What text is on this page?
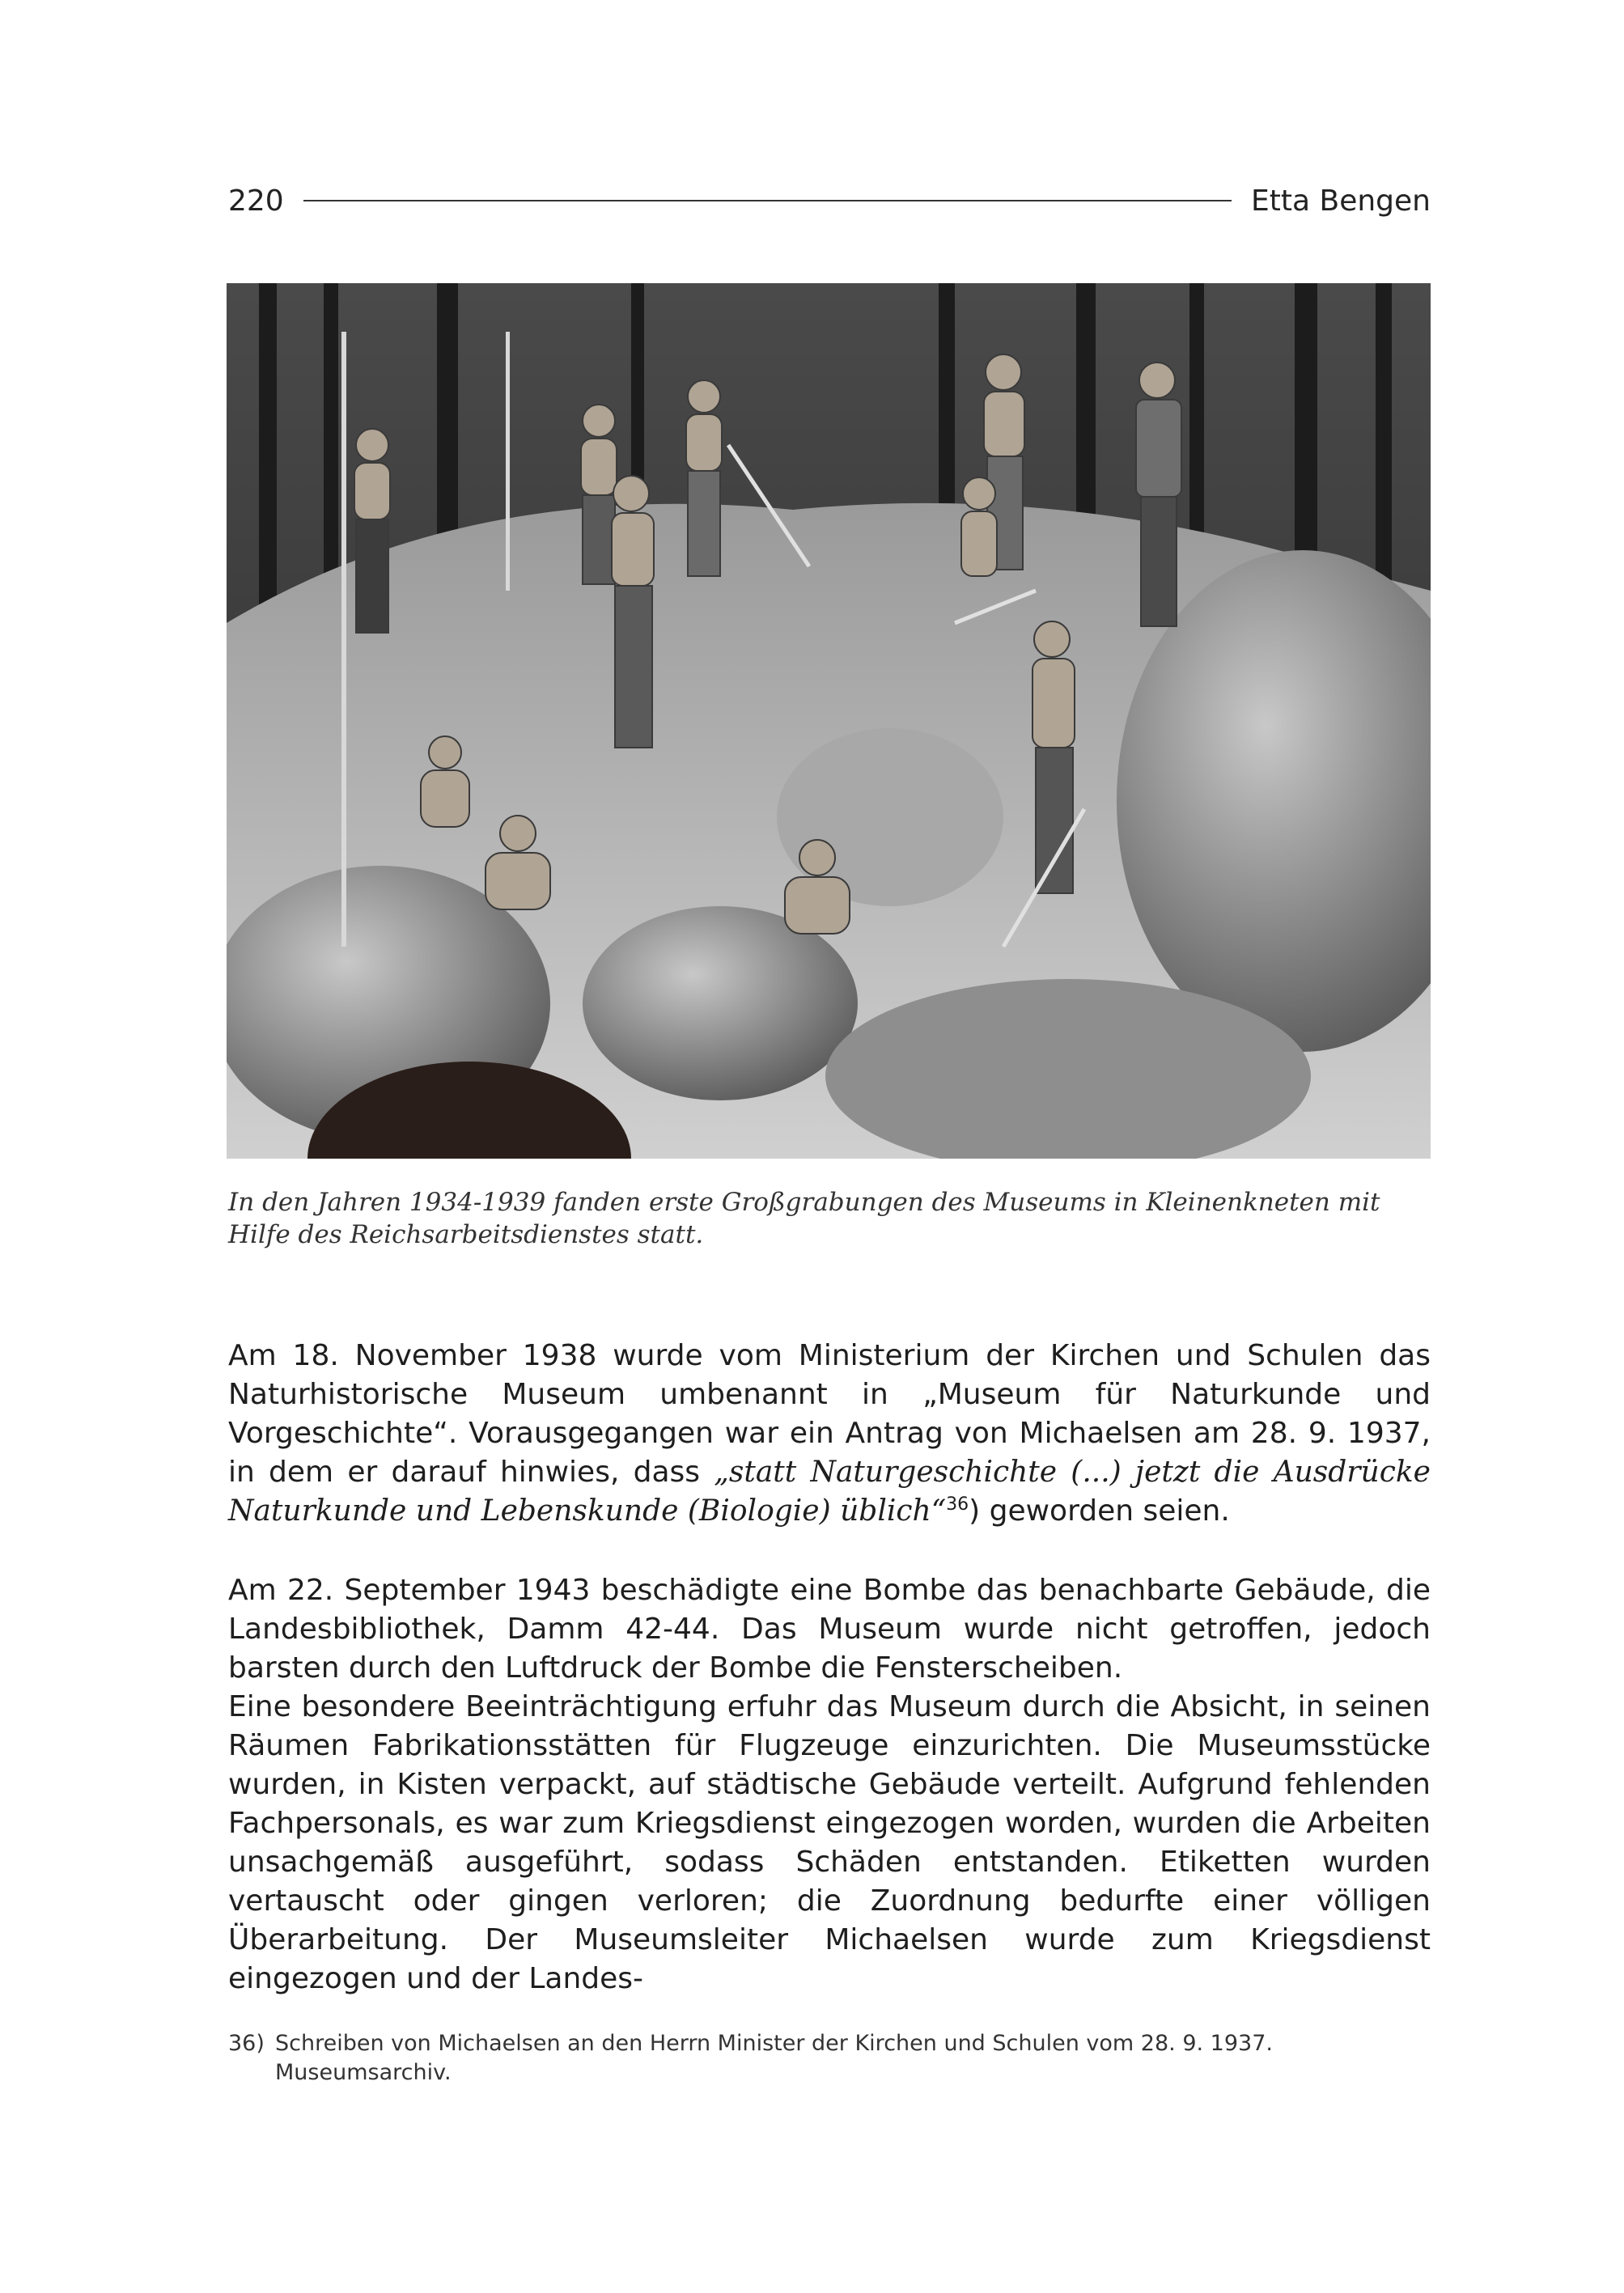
220	Etta Bengen
In den Jahren 1934-1939 fanden erste Großgrabungen des Museums in Kleinenkneten mit Hilfe des Reichsarbeitsdienstes statt.

Am 18. November 1938 wurde vom Ministerium der Kirchen und Schulen das Naturhistorische Museum umbenannt in „Museum für Naturkunde und Vorgeschichte“. Vorausgegangen war ein Antrag von Michaelsen am 28. 9. 1937, in dem er darauf hinwies, dass „statt Naturgeschichte (...) jetzt die Ausdrücke Naturkunde und Lebenskunde (Biologie) üblich“$^{36}$) geworden seien.

Am 22. September 1943 beschädigte eine Bombe das benachbarte Gebäude, die Landesbibliothek, Damm 42-44. Das Museum wurde nicht getroffen, jedoch barsten durch den Luftdruck der Bombe die Fensterscheiben.

Eine besondere Beeinträchtigung erfuhr das Museum durch die Absicht, in seinen Räumen Fabrikationsstätten für Flugzeuge einzurichten. Die Museumsstücke wurden, in Kisten verpackt, auf städtische Gebäude verteilt. Aufgrund fehlenden Fachpersonals, es war zum Kriegsdienst eingezogen worden, wurden die Arbeiten unsachgemäß ausgeführt, sodass Schäden entstanden. Etiketten wurden vertauscht oder gingen verloren; die Zuordnung bedurfte einer völligen Überarbeitung. Der Museumsleiter Michaelsen wurde zum Kriegsdienst eingezogen und der Landes-

36) Schreiben von Michaelsen an den Herrn Minister der Kirchen und Schulen vom 28. 9. 1937. Museumsarchiv.
